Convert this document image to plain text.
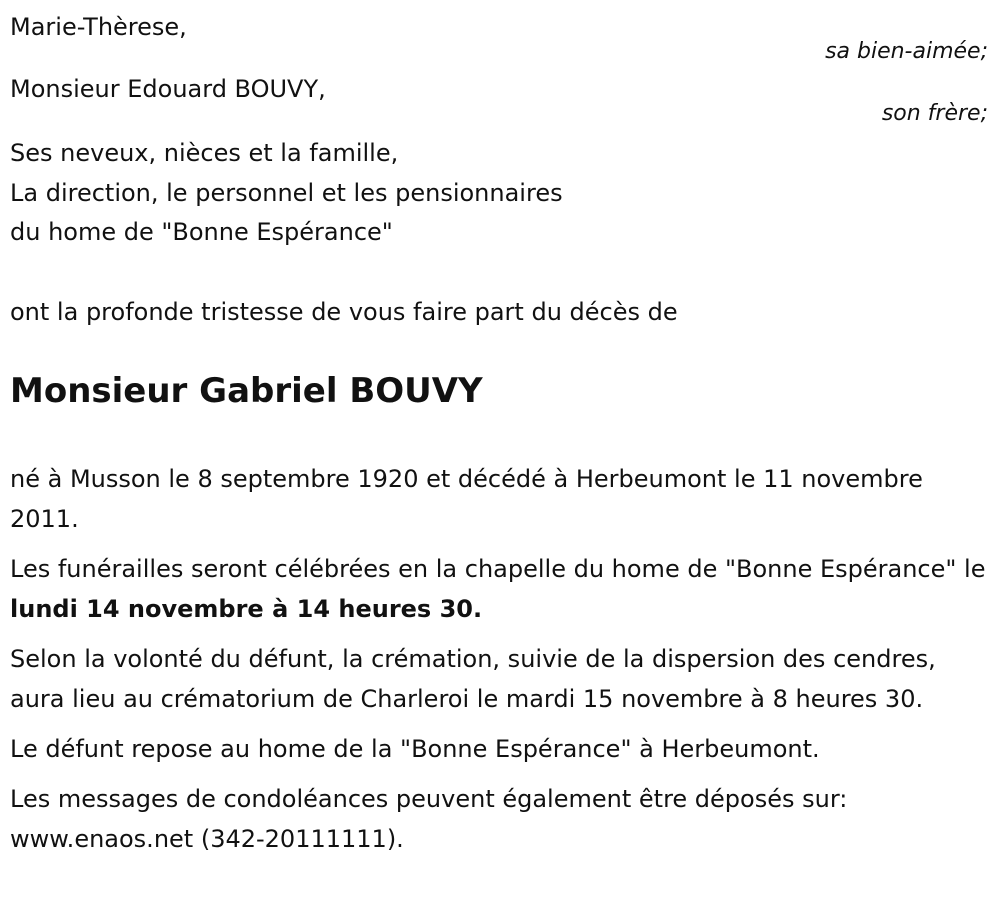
Marie-Thèrese,
sa bien-aimée;
Monsieur Edouard BOUVY,
son frère;
Ses neveux, nièces et la famille,
La direction, le personnel et les pensionnaires
du home de "Bonne Espérance"
ont la profonde tristesse de vous faire part du décès de
Monsieur Gabriel BOUVY

né à Musson le 8 septembre 1920 et décédé à Herbeumont le 11 novembre 2011.

Les funérailles seront célébrées en la chapelle du home de "Bonne Espérance" le lundi 14 novembre à 14 heures 30.

Selon la volonté du défunt, la crémation, suivie de la dispersion des cendres, aura lieu au crématorium de Charleroi le mardi 15 novembre à 8 heures 30.

Le défunt repose au home de la "Bonne Espérance" à Herbeumont.

Les messages de condoléances peuvent également être déposés sur: www.enaos.net (342-20111111).
